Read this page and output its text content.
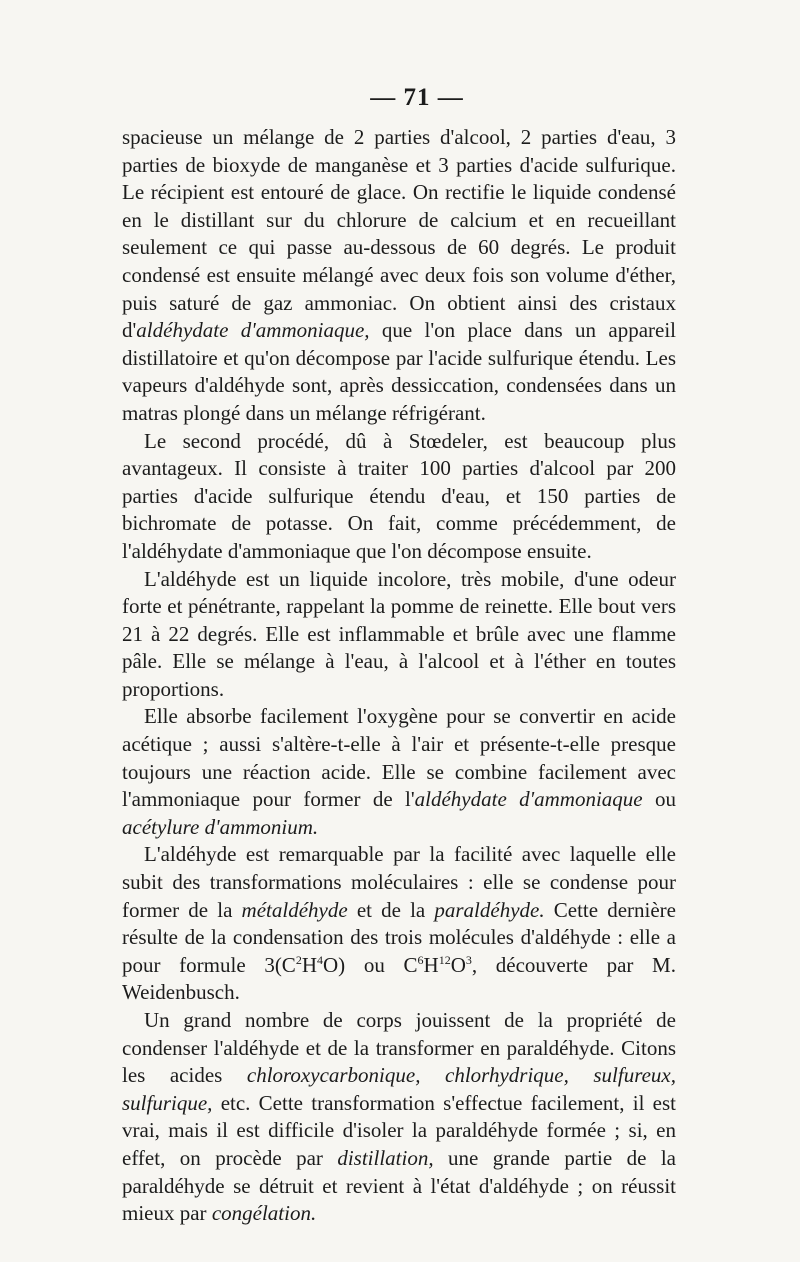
— 71 —

spacieuse un mélange de 2 parties d'alcool, 2 parties d'eau, 3 parties de bioxyde de manganèse et 3 parties d'acide sulfurique. Le récipient est entouré de glace. On rectifie le liquide condensé en le distillant sur du chlorure de calcium et en recueillant seulement ce qui passe au-dessous de 60 degrés. Le produit condensé est ensuite mélangé avec deux fois son volume d'éther, puis saturé de gaz ammoniac. On obtient ainsi des cristaux d'aldéhydate d'ammoniaque, que l'on place dans un appareil distillatoire et qu'on décompose par l'acide sulfurique étendu. Les vapeurs d'aldéhyde sont, après dessiccation, condensées dans un matras plongé dans un mélange réfrigérant.

Le second procédé, dû à Stœdeler, est beaucoup plus avantageux. Il consiste à traiter 100 parties d'alcool par 200 parties d'acide sulfurique étendu d'eau, et 150 parties de bichromate de potasse. On fait, comme précédemment, de l'aldéhydate d'ammoniaque que l'on décompose ensuite.

L'aldéhyde est un liquide incolore, très mobile, d'une odeur forte et pénétrante, rappelant la pomme de reinette. Elle bout vers 21 à 22 degrés. Elle est inflammable et brûle avec une flamme pâle. Elle se mélange à l'eau, à l'alcool et à l'éther en toutes proportions.

Elle absorbe facilement l'oxygène pour se convertir en acide acétique ; aussi s'altère-t-elle à l'air et présente-t-elle presque toujours une réaction acide. Elle se combine facilement avec l'ammoniaque pour former de l'aldéhydate d'ammoniaque ou acétylure d'ammonium.

L'aldéhyde est remarquable par la facilité avec laquelle elle subit des transformations moléculaires : elle se condense pour former de la métaldéhyde et de la paraldéhyde. Cette dernière résulte de la condensation des trois molécules d'aldéhyde : elle a pour formule $3(C^2H^4O)$ ou $C^6H^{12}O^3$, découverte par M. Weidenbusch.

Un grand nombre de corps jouissent de la propriété de condenser l'aldéhyde et de la transformer en paraldéhyde. Citons les acides chloroxycarbonique, chlorhydrique, sulfureux, sulfurique, etc. Cette transformation s'effectue facilement, il est vrai, mais il est difficile d'isoler la paraldéhyde formée ; si, en effet, on procède par distillation, une grande partie de la paraldéhyde se détruit et revient à l'état d'aldéhyde ; on réussit mieux par congélation.
